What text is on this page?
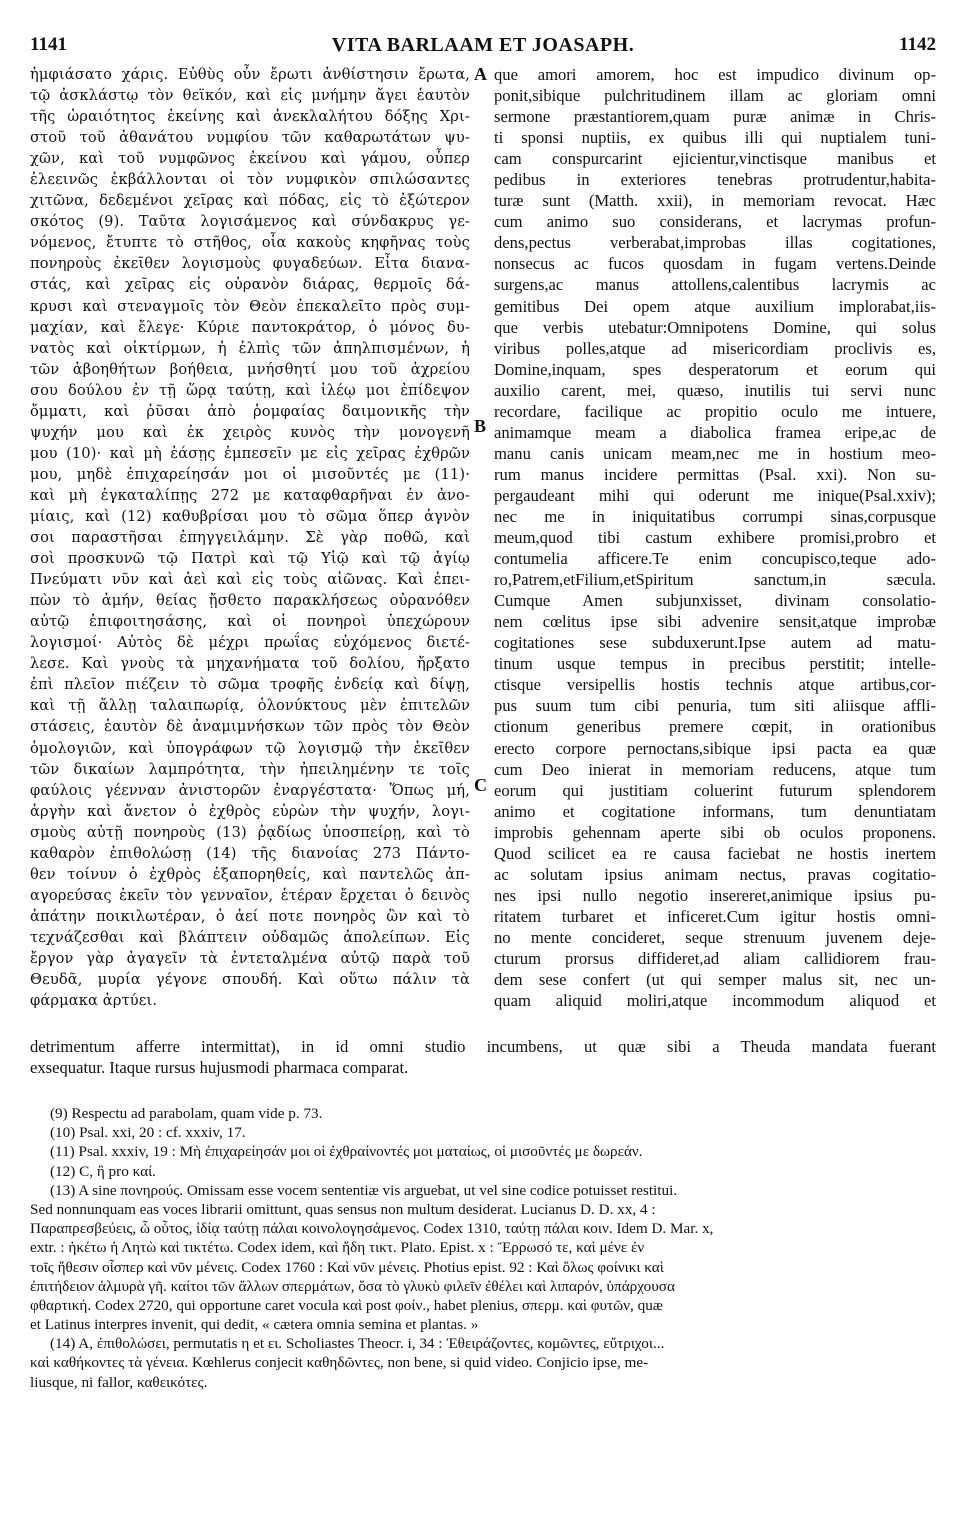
1141	VITA BARLAAM ET JOASAPH.	1142
ἠμφιάσατο χάρις. Εὐθὺς οὖν ἔρωτι ἀνθίστησιν ἔρωτα,
τῷ ἀσκλάστῳ τὸν θεϊκόν, καὶ εἰς μνήμην ἄγει ἑαυτὸν
τῆς ὡραιότητος ἐκείνης καὶ ἀνεκλαλήτου δόξης Χρι-
στοῦ τοῦ ἀθανάτου νυμφίου τῶν καθαρωτάτων ψυ-
χῶν, καὶ τοῦ νυμφῶνος ἐκείνου καὶ γάμου, οὗπερ
ἐλεεινῶς ἐκβάλλονται οἱ τὸν νυμφικὸν σπιλώσαντες
χιτῶνα, δεδεμένοι χεῖρας καὶ πόδας, εἰς τὸ ἐξώτερον
σκότος (9). Ταῦτα λογισάμενος καὶ σύνδακρυς γε-
νόμενος, ἔτυπτε τὸ στῆθος, οἷα κακοὺς κηφῆνας τοὺς
πονηροὺς ἐκεῖθεν λογισμοὺς φυγαδεύων. Εἶτα διανα-
στάς, καὶ χεῖρας εἰς οὐρανὸν διάρας, θερμοῖς δά-
κρυσι καὶ στεναγμοῖς τὸν Θεὸν ἐπεκαλεῖτο πρὸς συμ-
μαχίαν, καὶ ἔλεγε· Κύριε παντοκράτορ, ὁ μόνος δυ-
νατὸς καὶ οἰκτίρμων, ἡ ἐλπὶς τῶν ἀπηλπισμένων, ἡ
τῶν ἀβοηθήτων βοήθεια, μνήσθητί μου τοῦ ἀχρείου
σου δούλου ἐν τῇ ὥρᾳ ταύτῃ, καὶ ἱλέῳ μοι ἐπίδεψον
ὄμματι, καὶ ῥῦσαι ἀπὸ ῥομφαίας δαιμονικῆς τὴν
ψυχήν μου καὶ ἐκ χειρὸς κυνὸς τὴν μονογενῆ
μου (10)· καὶ μὴ ἐάσῃς ἐμπεσεῖν με εἰς χεῖρας ἐχθρῶν
μου, μηδὲ ἐπιχαρείησάν μοι οἱ μισοῦντές με (11)·
καὶ μὴ ἐγκαταλίπῃς 272 με καταφθαρῆναι ἐν ἀνο-
μίαις, καὶ (12) καθυβρίσαι μου τὸ σῶμα ὅπερ ἁγνὸν
σοι παραστῆσαι ἐπηγγειλάμην. Σὲ γὰρ ποθῶ, καὶ
σοὶ προσκυνῶ τῷ Πατρὶ καὶ τῷ Υἱῷ καὶ τῷ ἁγίῳ
Πνεύματι νῦν καὶ ἀεὶ καὶ εἰς τοὺς αἰῶνας. Καὶ ἐπει-
πὼν τὸ ἀμήν, θείας ᾔσθετο παρακλήσεως οὐρανόθεν
αὐτῷ ἐπιφοιτησάσης, καὶ οἱ πονηροὶ ὑπεχώρουν
λογισμοί· Αὐτὸς δὲ μέχρι πρωΐας εὐχόμενος διετέ-
λεσε. Καὶ γνοὺς τὰ μηχανήματα τοῦ δολίου, ἤρξατο
ἐπὶ πλεῖον πιέζειν τὸ σῶμα τροφῆς ἐνδείᾳ καὶ δίψῃ,
καὶ τῇ ἄλλῃ ταλαιπωρίᾳ, ὁλονύκτους μὲν ἐπιτελῶν
στάσεις, ἑαυτὸν δὲ ἀναμιμνήσκων τῶν πρὸς τὸν Θεὸν
ὁμολογιῶν, καὶ ὑπογράφων τῷ λογισμῷ τὴν ἐκεῖθεν
τῶν δικαίων λαμπρότητα, τὴν ἠπειλημένην τε τοῖς
φαύλοις γέενναν ἀνιστορῶν ἐναργέστατα· Ὅπως μή,
ἀργὴν καὶ ἄνετον ὁ ἐχθρὸς εὑρὼν τὴν ψυχήν, λογι-
σμοὺς αὐτῇ πονηροὺς (13) ῥᾳδίως ὑποσπείρῃ, καὶ τὸ
καθαρὸν ἐπιθολώσῃ (14) τῆς διανοίας 273 Πάντο-
θεν τοίνυν ὁ ἐχθρὸς ἐξαπορηθείς, καὶ παντελῶς ἀπ-
αγορεύσας ἐκεῖν τὸν γενναῖον, ἑτέραν ἔρχεται ὁ δεινὸς
ἀπάτην ποικιλωτέραν, ὁ ἀεί ποτε πονηρὸς ὢν καὶ τὸ
τεχνάζεσθαι καὶ βλάπτειν οὐδαμῶς ἀπολείπων. Εἰς
ἔργον γὰρ ἀγαγεῖν τὰ ἐντεταλμένα αὐτῷ παρὰ τοῦ
Θευδᾶ, μυρία γέγονε σπουδή. Καὶ οὕτω πάλιν τὰ
φάρμακα ἀρτύει.
que amori amorem, hoc est impudico divinum op-
ponit,sibique pulchritudinem illam ac gloriam omni
sermone præstantiorem,quam puræ animæ in Chris-
ti sponsi nuptiis, ex quibus illi qui nuptialem tuni-
cam conspurcarint ejicientur,vinctisque manibus et
pedibus in exteriores tenebras protrudentur,habita-
turæ sunt (Matth. xxii), in memoriam revocat. Hæc
cum animo suo considerans, et lacrymas profun-
dens,pectus verberabat,improbas illas cogitationes,
nonsecus ac fucos quosdam in fugam vertens.Deinde
surgens,ac manus attollens,calentibus lacrymis ac
gemitibus Dei opem atque auxilium implorabat,iis-
que verbis utebatur:Omnipotens Domine, qui solus
viribus polles,atque ad misericordiam proclivis es,
Domine,inquam, spes desperatorum et eorum qui
auxilio carent, mei, quæso, inutilis tui servi nunc
recordare, facilique ac propitio oculo me intuere,
animamque meam a diabolica framea eripe,ac de
manu canis unicam meam,nec me in hostium meo-
rum manus incidere permittas (Psal. xxi). Non su-
pergaudeant mihi qui oderunt me inique(Psal.xxiv);
nec me in iniquitatibus corrumpi sinas,corpusque
meum,quod tibi castum exhibere promisi,probro et
contumelia afficere.Te enim concupisco,teque ado-
ro,Patrem,etFilium,etSpiritum sanctum,in sæcula.
Cumque Amen subjunxisset, divinam consolatio-
nem cœlitus ipse sibi advenire sensit,atque improbæ
cogitationes sese subduxerunt.Ipse autem ad matu-
tinum usque tempus in precibus perstitit; intelle-
ctisque versipellis hostis technis atque artibus,cor-
pus suum tum cibi penuria, tum siti aliisque affli-
ctionum generibus premere cœpit, in orationibus
erecto corpore pernoctans,sibique ipsi pacta ea quæ
cum Deo inierat in memoriam reducens, atque tum
eorum qui justitiam coluerint futurum splendorem
animo et cogitatione informans, tum denuntiatam
improbis gehennam aperte sibi ob oculos proponens.
Quod scilicet ea re causa faciebat ne hostis inertem
ac solutam ipsius animam nectus, pravas cogitatio-
nes ipsi nullo negotio insereret,animique ipsius pu-
ritatem turbaret et inficeret.Cum igitur hostis omni-
no mente concideret, seque strenuum juvenem deje-
cturum prorsus diffideret,ad aliam callidiorem frau-
dem sese confert (ut qui semper malus sit, nec un-
quam aliquid moliri,atque incommodum aliquod et
A
B
C
detrimentum afferre intermittat), in id omni studio incumbens, ut quæ sibi a Theuda mandata fuerant
exsequatur. Itaque rursus hujusmodi pharmaca comparat.
(9) Respectu ad parabolam, quam vide p. 73.
(10) Psal. xxi, 20 : cf. xxxiv, 17.
(11) Psal. xxxiv, 19 : Μὴ ἐπιχαρείησάν μοι οἱ ἐχθραίνοντές μοι ματαίως, οἱ μισοῦντές με δωρεάν.
(12) C, ἢ pro καί.
(13) A sine πονηρούς. Omissam esse vocem sententiæ vis arguebat, ut vel sine codice potuisset restitui.
Sed nonnunquam eas voces librarii omittunt, quas sensus non multum desiderat. Lucianus D. D. xx, 4 :
Παραπρεσβεύεις, ὦ οὗτος, ἰδίᾳ ταύτῃ πάλαι κοινολογησάμενος. Codex 1310, ταύτῃ πάλαι κοιν. Idem D. Mar. x,
extr. : ἡκέτω ἡ Λητὼ καὶ τικτέτω. Codex idem, καὶ ἤδη τικτ. Plato. Epist. x : Ἔρρωσό τε, καὶ μένε ἐν
τοῖς ἤθεσιν οἷσπερ καὶ νῦν μένεις. Codex 1760 : Καὶ νῦν μένεις. Photius epist. 92 : Καὶ ὅλως φοίνικι καὶ
ἐπιτήδειον ἁλμυρὰ γῆ. καίτοι τῶν ἄλλων σπερμάτων, ὅσα τὸ γλυκὺ φιλεῖν ἐθέλει καὶ λιπαρόν, ὑπάρχουσα
φθαρτική. Codex 2720, qui opportune caret vocula καὶ post φοίν., habet plenius, σπερμ. καὶ φυτῶν, quæ
et Latinus interpres invenit, qui dedit, « cætera omnia semina et plantas. »
(14) A, ἐπιθολώσει, permutatis η et ει. Scholiastes Theocr. i, 34 : Ἐθειράζοντες, κομῶντες, εὔτριχοι...
καὶ καθήκοντες τὰ γένεια. Kœhlerus conjecit καθηδῶντες, non bene, si quid video. Conjicio ipse, me-
liusque, ni fallor, καθεικότες.
